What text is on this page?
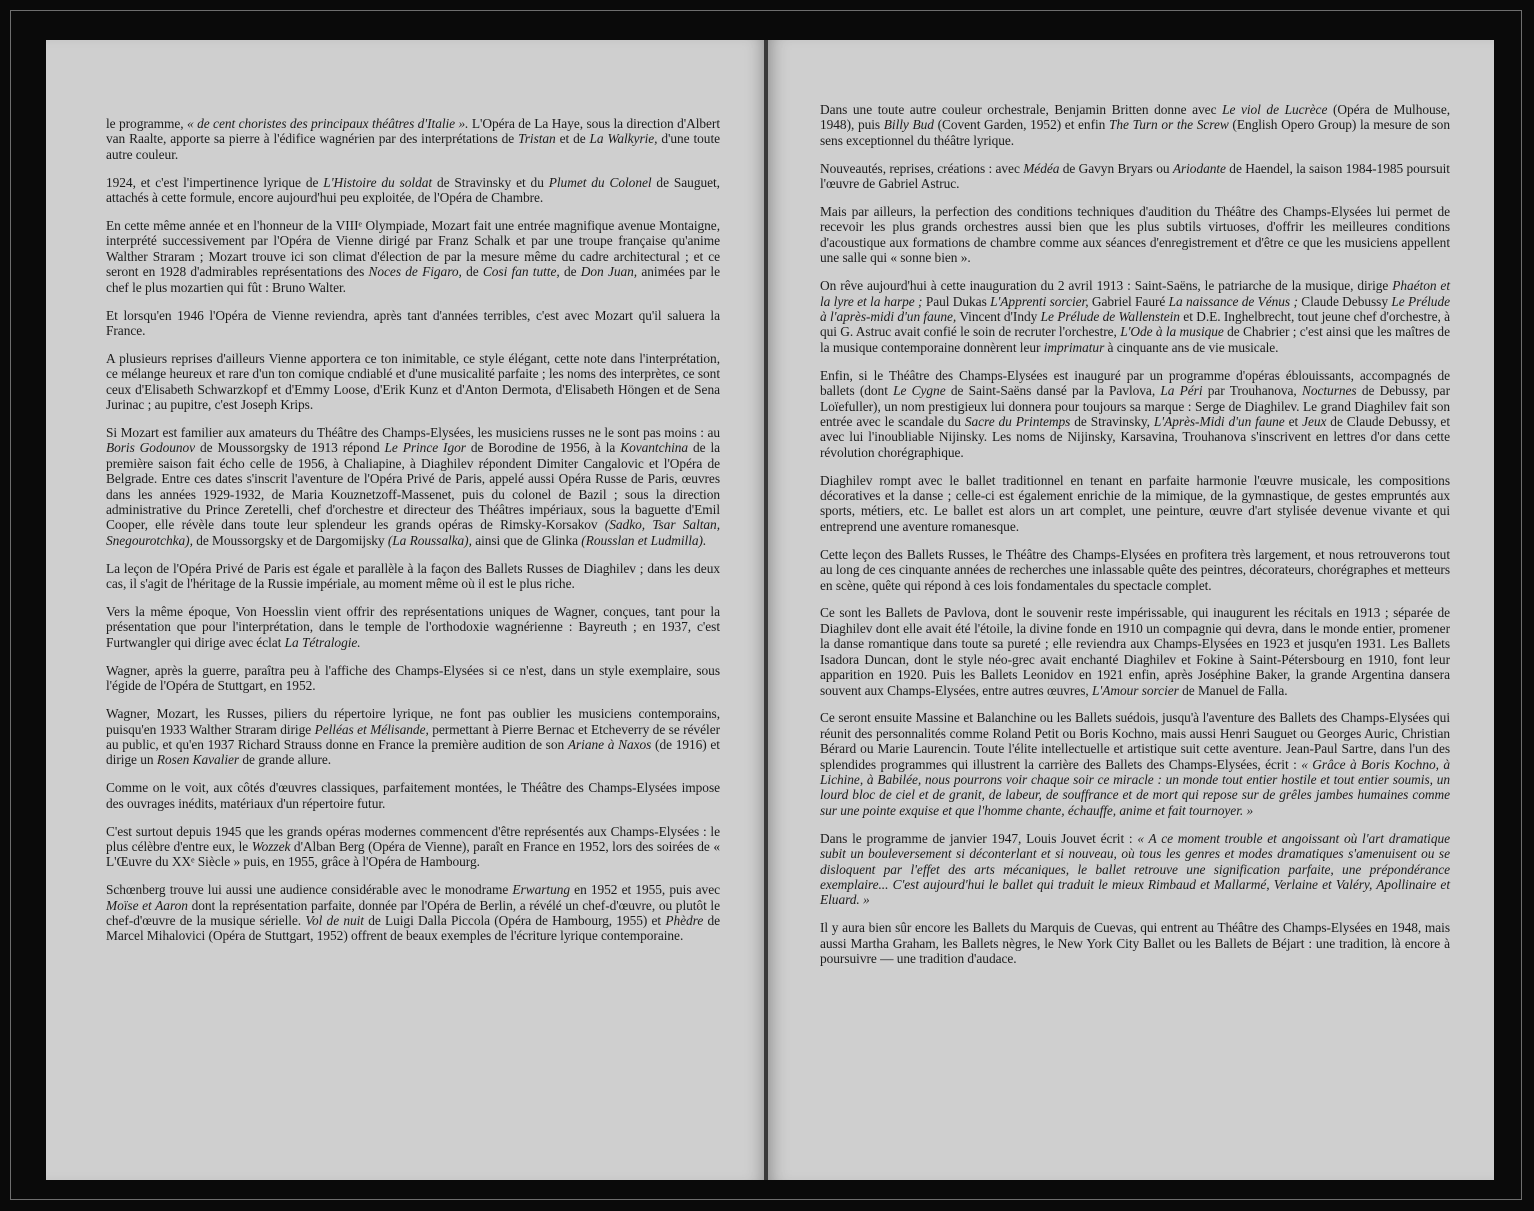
le programme, « de cent choristes des principaux théâtres d'Italie ». L'Opéra de La Haye, sous la direction d'Albert van Raalte, apporte sa pierre à l'édifice wagnérien par des interprétations de Tristan et de La Walkyrie, d'une toute autre couleur.

1924, et c'est l'impertinence lyrique de L'Histoire du soldat de Stravinsky et du Plumet du Colonel de Sauguet, attachés à cette formule, encore aujourd'hui peu exploitée, de l'Opéra de Chambre.

En cette même année et en l'honneur de la VIIIᵉ Olympiade, Mozart fait une entrée magnifique avenue Montaigne, interprété successivement par l'Opéra de Vienne dirigé par Franz Schalk et par une troupe française qu'anime Walther Straram ; Mozart trouve ici son climat d'élection de par la mesure même du cadre architectural ; et ce seront en 1928 d'admirables représentations des Noces de Figaro, de Cosi fan tutte, de Don Juan, animées par le chef le plus mozartien qui fût : Bruno Walter.

Et lorsqu'en 1946 l'Opéra de Vienne reviendra, après tant d'années terribles, c'est avec Mozart qu'il saluera la France.

A plusieurs reprises d'ailleurs Vienne apportera ce ton inimitable, ce style élégant, cette note dans l'interprétation, ce mélange heureux et rare d'un ton comique cndiablé et d'une musicalité parfaite ; les noms des interprètes, ce sont ceux d'Elisabeth Schwarzkopf et d'Emmy Loose, d'Erik Kunz et d'Anton Dermota, d'Elisabeth Höngen et de Sena Jurinac ; au pupitre, c'est Joseph Krips.

Si Mozart est familier aux amateurs du Théâtre des Champs-Elysées, les musiciens russes ne le sont pas moins : au Boris Godounov de Moussorgsky de 1913 répond Le Prince Igor de Borodine de 1956, à la Kovantchina de la première saison fait écho celle de 1956, à Chaliapine, à Diaghilev répondent Dimiter Cangalovic et l'Opéra de Belgrade. Entre ces dates s'inscrit l'aventure de l'Opéra Privé de Paris, appelé aussi Opéra Russe de Paris, œuvres dans les années 1929-1932, de Maria Kouznetzoff-Massenet, puis du colonel de Bazil ; sous la direction administrative du Prince Zeretelli, chef d'orchestre et directeur des Théâtres impériaux, sous la baguette d'Emil Cooper, elle révèle dans toute leur splendeur les grands opéras de Rimsky-Korsakov (Sadko, Tsar Saltan, Snegourotchka), de Moussorgsky et de Dargomijsky (La Roussalka), ainsi que de Glinka (Rousslan et Ludmilla).

La leçon de l'Opéra Privé de Paris est égale et parallèle à la façon des Ballets Russes de Diaghilev ; dans les deux cas, il s'agit de l'héritage de la Russie impériale, au moment même où il est le plus riche.

Vers la même époque, Von Hoesslin vient offrir des représentations uniques de Wagner, conçues, tant pour la présentation que pour l'interprétation, dans le temple de l'orthodoxie wagnérienne : Bayreuth ; en 1937, c'est Furtwangler qui dirige avec éclat La Tétralogie.

Wagner, après la guerre, paraîtra peu à l'affiche des Champs-Elysées si ce n'est, dans un style exemplaire, sous l'égide de l'Opéra de Stuttgart, en 1952.

Wagner, Mozart, les Russes, piliers du répertoire lyrique, ne font pas oublier les musiciens contemporains, puisqu'en 1933 Walther Straram dirige Pelléas et Mélisande, permettant à Pierre Bernac et Etcheverry de se révéler au public, et qu'en 1937 Richard Strauss donne en France la première audition de son Ariane à Naxos (de 1916) et dirige un Rosen Kavalier de grande allure.

Comme on le voit, aux côtés d'œuvres classiques, parfaitement montées, le Théâtre des Champs-Elysées impose des ouvrages inédits, matériaux d'un répertoire futur.

C'est surtout depuis 1945 que les grands opéras modernes commencent d'être représentés aux Champs-Elysées : le plus célèbre d'entre eux, le Wozzek d'Alban Berg (Opéra de Vienne), paraît en France en 1952, lors des soirées de « L'Œuvre du XXᵉ Siècle » puis, en 1955, grâce à l'Opéra de Hambourg.

Schœnberg trouve lui aussi une audience considérable avec le monodrame Erwartung en 1952 et 1955, puis avec Moïse et Aaron dont la représentation parfaite, donnée par l'Opéra de Berlin, a révélé un chef-d'œuvre, ou plutôt le chef-d'œuvre de la musique sérielle. Vol de nuit de Luigi Dalla Piccola (Opéra de Hambourg, 1955) et Phèdre de Marcel Mihalovici (Opéra de Stuttgart, 1952) offrent de beaux exemples de l'écriture lyrique contemporaine.

Dans une toute autre couleur orchestrale, Benjamin Britten donne avec Le viol de Lucrèce (Opéra de Mulhouse, 1948), puis Billy Bud (Covent Garden, 1952) et enfin The Turn or the Screw (English Opero Group) la mesure de son sens exceptionnel du théâtre lyrique.

Nouveautés, reprises, créations : avec Médéa de Gavyn Bryars ou Ariodante de Haendel, la saison 1984-1985 poursuit l'œuvre de Gabriel Astruc.

Mais par ailleurs, la perfection des conditions techniques d'audition du Théâtre des Champs-Elysées lui permet de recevoir les plus grands orchestres aussi bien que les plus subtils virtuoses, d'offrir les meilleures conditions d'acoustique aux formations de chambre comme aux séances d'enregistrement et d'être ce que les musiciens appellent une salle qui « sonne bien ».

On rêve aujourd'hui à cette inauguration du 2 avril 1913 : Saint-Saëns, le patriarche de la musique, dirige Phaéton et la lyre et la harpe ; Paul Dukas L'Apprenti sorcier, Gabriel Fauré La naissance de Vénus ; Claude Debussy Le Prélude à l'après-midi d'un faune, Vincent d'Indy Le Prélude de Wallenstein et D.E. Inghelbrecht, tout jeune chef d'orchestre, à qui G. Astruc avait confié le soin de recruter l'orchestre, L'Ode à la musique de Chabrier ; c'est ainsi que les maîtres de la musique contemporaine donnèrent leur imprimatur à cinquante ans de vie musicale.

Enfin, si le Théâtre des Champs-Elysées est inauguré par un programme d'opéras éblouissants, accompagnés de ballets (dont Le Cygne de Saint-Saëns dansé par la Pavlova, La Péri par Trouhanova, Nocturnes de Debussy, par Loïefuller), un nom prestigieux lui donnera pour toujours sa marque : Serge de Diaghilev. Le grand Diaghilev fait son entrée avec le scandale du Sacre du Printemps de Stravinsky, L'Après-Midi d'un faune et Jeux de Claude Debussy, et avec lui l'inoubliable Nijinsky. Les noms de Nijinsky, Karsavina, Trouhanova s'inscrivent en lettres d'or dans cette révolution chorégraphique.

Diaghilev rompt avec le ballet traditionnel en tenant en parfaite harmonie l'œuvre musicale, les compositions décoratives et la danse ; celle-ci est également enrichie de la mimique, de la gymnastique, de gestes empruntés aux sports, métiers, etc. Le ballet est alors un art complet, une peinture, œuvre d'art stylisée devenue vivante et qui entreprend une aventure romanesque.

Cette leçon des Ballets Russes, le Théâtre des Champs-Elysées en profitera très largement, et nous retrouverons tout au long de ces cinquante années de recherches une inlassable quête des peintres, décorateurs, chorégraphes et metteurs en scène, quête qui répond à ces lois fondamentales du spectacle complet.

Ce sont les Ballets de Pavlova, dont le souvenir reste impérissable, qui inaugurent les récitals en 1913 ; séparée de Diaghilev dont elle avait été l'étoile, la divine fonde en 1910 un compagnie qui devra, dans le monde entier, promener la danse romantique dans toute sa pureté ; elle reviendra aux Champs-Elysées en 1923 et jusqu'en 1931. Les Ballets Isadora Duncan, dont le style néo-grec avait enchanté Diaghilev et Fokine à Saint-Pétersbourg en 1910, font leur apparition en 1920. Puis les Ballets Leonidov en 1921 enfin, après Joséphine Baker, la grande Argentina dansera souvent aux Champs-Elysées, entre autres œuvres, L'Amour sorcier de Manuel de Falla.

Ce seront ensuite Massine et Balanchine ou les Ballets suédois, jusqu'à l'aventure des Ballets des Champs-Elysées qui réunit des personnalités comme Roland Petit ou Boris Kochno, mais aussi Henri Sauguet ou Georges Auric, Christian Bérard ou Marie Laurencin. Toute l'élite intellectuelle et artistique suit cette aventure. Jean-Paul Sartre, dans l'un des splendides programmes qui illustrent la carrière des Ballets des Champs-Elysées, écrit : « Grâce à Boris Kochno, à Lichine, à Babilée, nous pourrons voir chaque soir ce miracle : un monde tout entier hostile et tout entier soumis, un lourd bloc de ciel et de granit, de labeur, de souffrance et de mort qui repose sur de grêles jambes humaines comme sur une pointe exquise et que l'homme chante, échauffe, anime et fait tournoyer. »

Dans le programme de janvier 1947, Louis Jouvet écrit : « A ce moment trouble et angoissant où l'art dramatique subit un bouleversement si déconterlant et si nouveau, où tous les genres et modes dramatiques s'amenuisent ou se disloquent par l'effet des arts mécaniques, le ballet retrouve une signification parfaite, une prépondérance exemplaire... C'est aujourd'hui le ballet qui traduit le mieux Rimbaud et Mallarmé, Verlaine et Valéry, Apollinaire et Eluard. »

Il y aura bien sûr encore les Ballets du Marquis de Cuevas, qui entrent au Théâtre des Champs-Elysées en 1948, mais aussi Martha Graham, les Ballets nègres, le New York City Ballet ou les Ballets de Béjart : une tradition, là encore à poursuivre — une tradition d'audace.
